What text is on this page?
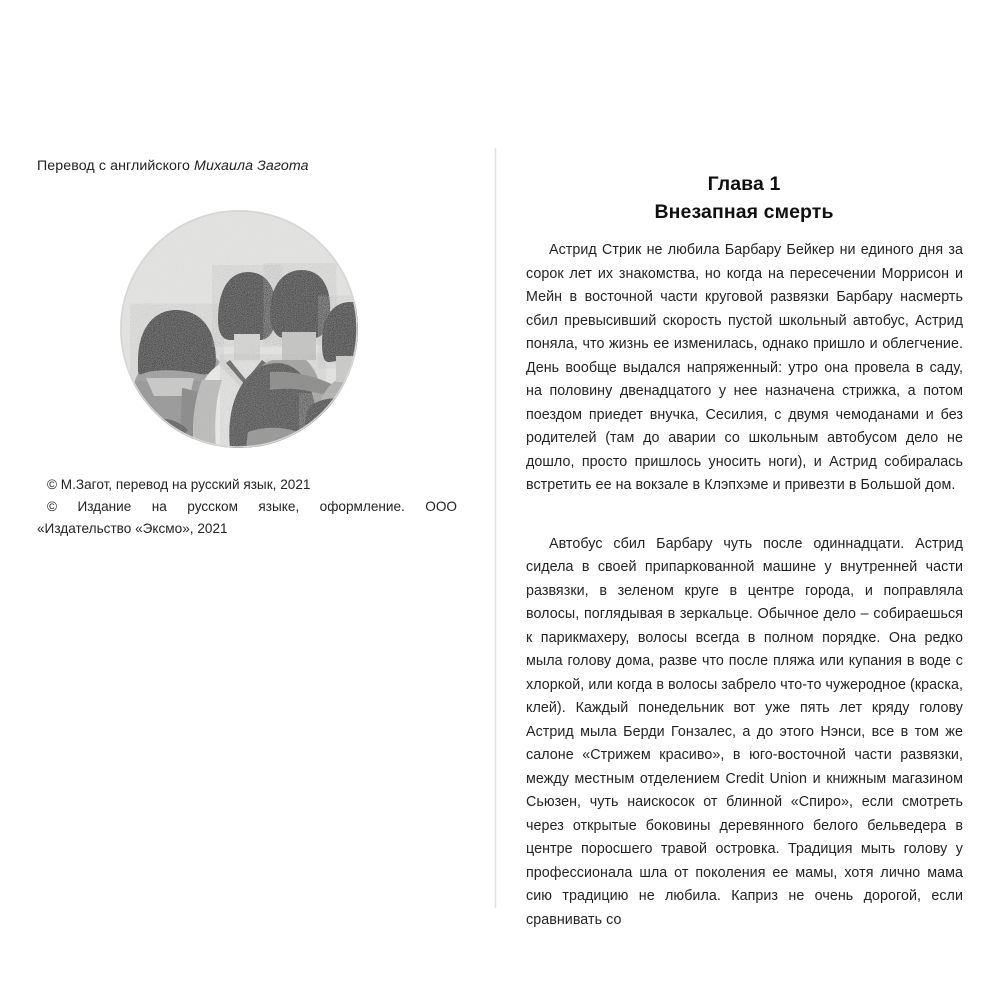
Перевод с английского Михаила Загота
© М.Загот, перевод на русский язык, 2021
© Издание на русском языке, оформление. ООО
«Издательство «Эксмо», 2021
Глава 1
Внезапная смерть

Астрид Стрик не любила Барбару Бейкер ни единого дня за сорок лет их знакомства, но когда на пересечении Моррисон и Мейн в восточной части круговой развязки Барбару насмерть сбил превысивший скорость пустой школьный автобус, Астрид поняла, что жизнь ее изменилась, однако пришло и облегчение. День вообще выдался напряженный: утро она провела в саду, на половину двенадцатого у нее назначена стрижка, а потом поездом приедет внучка, Сесилия, с двумя чемоданами и без родителей (там до аварии со школьным автобусом дело не дошло, просто пришлось уносить ноги), и Астрид собиралась встретить ее на вокзале в Клэпхэме и привезти в Большой дом.

Автобус сбил Барбару чуть после одиннадцати. Астрид сидела в своей припаркованной машине у внутренней части развязки, в зеленом круге в центре города, и поправляла волосы, поглядывая в зеркальце. Обычное дело – собираешься к парикмахеру, волосы всегда в полном порядке. Она редко мыла голову дома, разве что после пляжа или купания в воде с хлоркой, или когда в волосы забрело что-то чужеродное (краска, клей). Каждый понедельник вот уже пять лет кряду голову Астрид мыла Берди Гонзалес, а до этого Нэнси, все в том же салоне «Стрижем красиво», в юго-восточной части развязки, между местным отделением Credit Union и книжным магазином Сьюзен, чуть наискосок от блинной «Спиро», если смотреть через открытые боковины деревянного белого бельведера в центре поросшего травой островка. Традиция мыть голову у профессионала шла от поколения ее мамы, хотя лично мама сию традицию не любила. Каприз не очень дорогой, если сравнивать со
